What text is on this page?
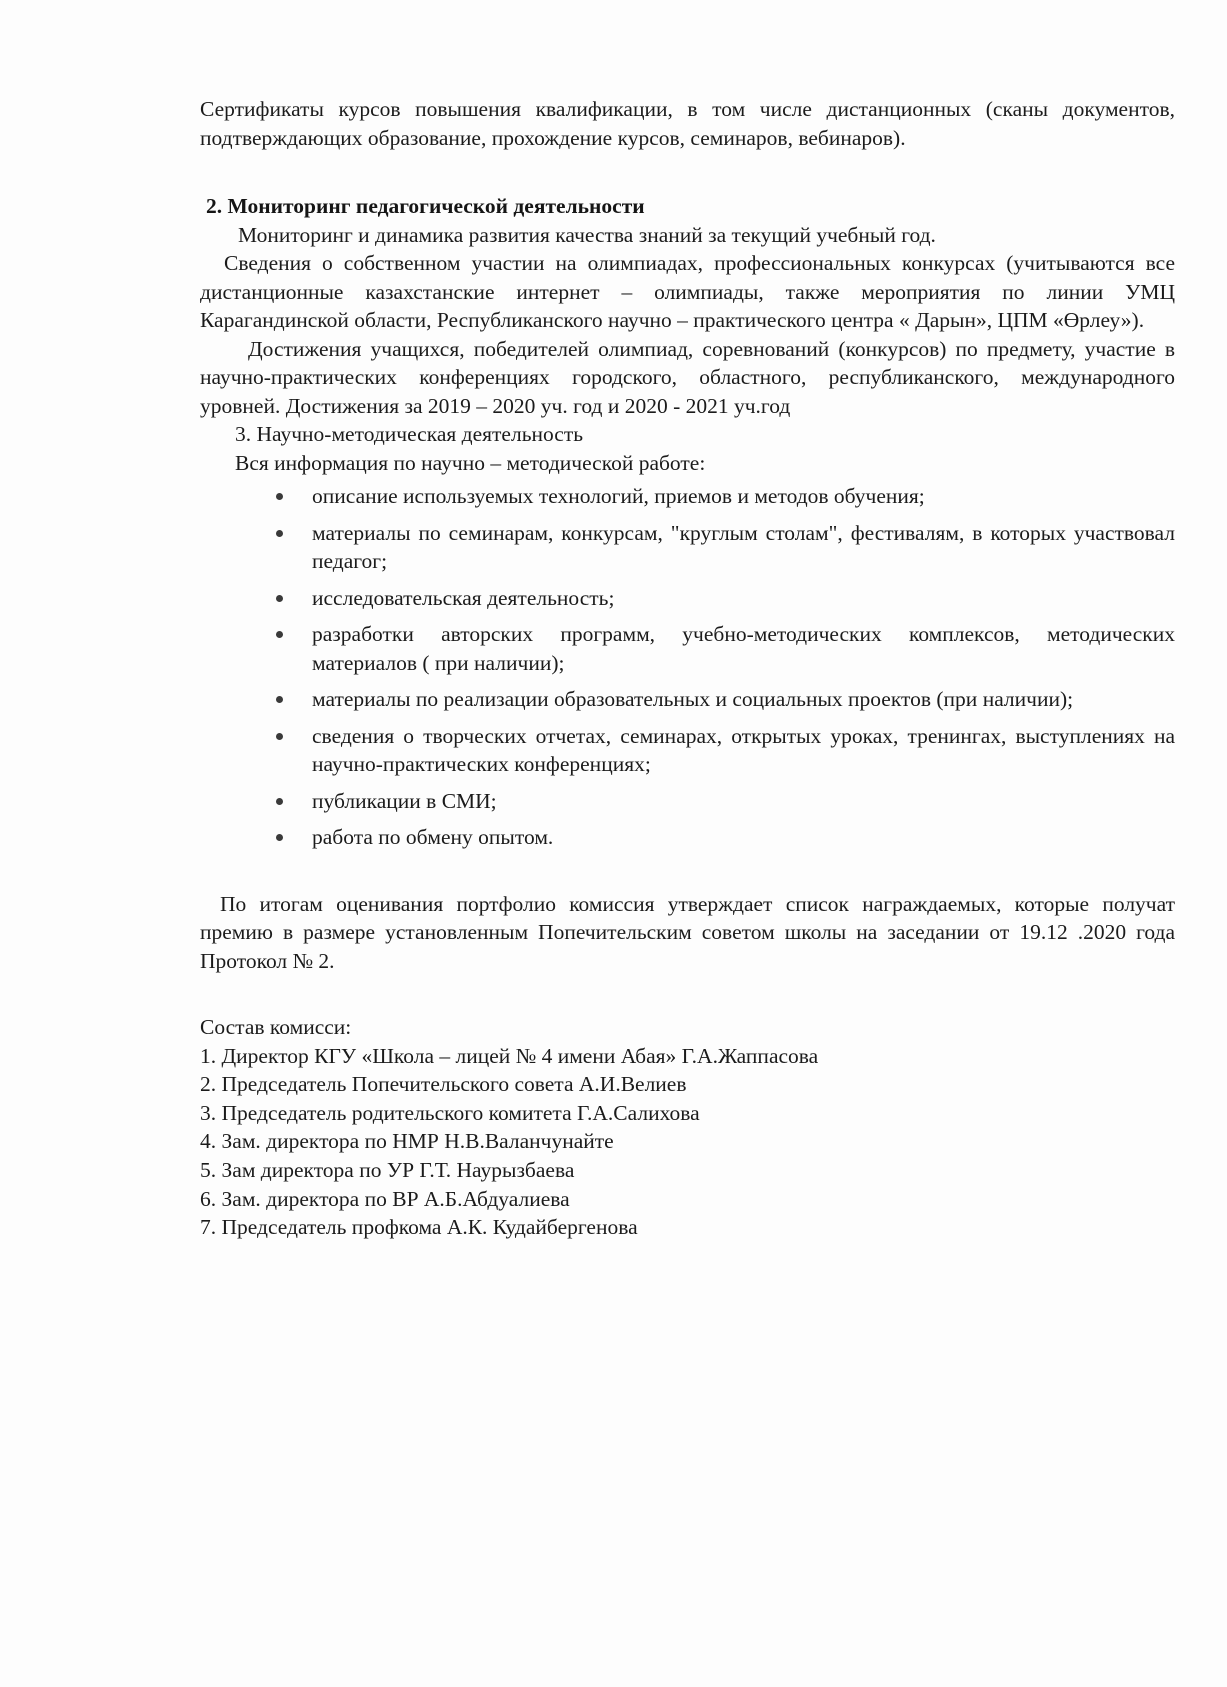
Сертификаты курсов повышения квалификации, в том числе дистанционных (сканы документов, подтверждающих образование, прохождение курсов, семинаров, вебинаров).

2. Мониторинг педагогической деятельности

Мониторинг и динамика развития качества знаний за текущий учебный год.

Сведения о собственном участии на олимпиадах, профессиональных конкурсах (учитываются все дистанционные казахстанские интернет – олимпиады, также мероприятия по линии УМЦ Карагандинской области, Республиканского научно – практического центра « Дарын», ЦПМ «Өрлеу»).

Достижения учащихся, победителей олимпиад, соревнований (конкурсов) по предмету, участие в научно-практических конференциях городского, областного, республиканского, международного уровней. Достижения за 2019 – 2020 уч. год и 2020 - 2021 уч.год

3. Научно-методическая деятельность

Вся информация по научно – методической работе:

описание используемых технологий, приемов и методов обучения;
материалы по семинарам, конкурсам, "круглым столам", фестивалям, в которых участвовал педагог;
исследовательская деятельность;
разработки авторских программ, учебно-методических комплексов, методических материалов ( при наличии);
материалы по реализации образовательных и социальных проектов (при наличии);
сведения о творческих отчетах, семинарах, открытых уроках, тренингах, выступлениях на научно-практических конференциях;
публикации в СМИ;
работа по обмену опытом.

По итогам оценивания портфолио комиссия утверждает список награждаемых, которые получат премию в размере установленным Попечительским советом школы на заседании от 19.12 .2020 года Протокол № 2.

Состав комисси:

1. Директор КГУ «Школа – лицей № 4 имени Абая» Г.А.Жаппасова

2. Председатель Попечительского совета А.И.Велиев

3. Председатель родительского комитета Г.А.Салихова

4. Зам. директора по НМР Н.В.Валанчунайте

5. Зам директора по УР Г.Т. Наурызбаева

6. Зам. директора по ВР А.Б.Абдуалиева

7. Председатель профкома А.К. Кудайбергенова
